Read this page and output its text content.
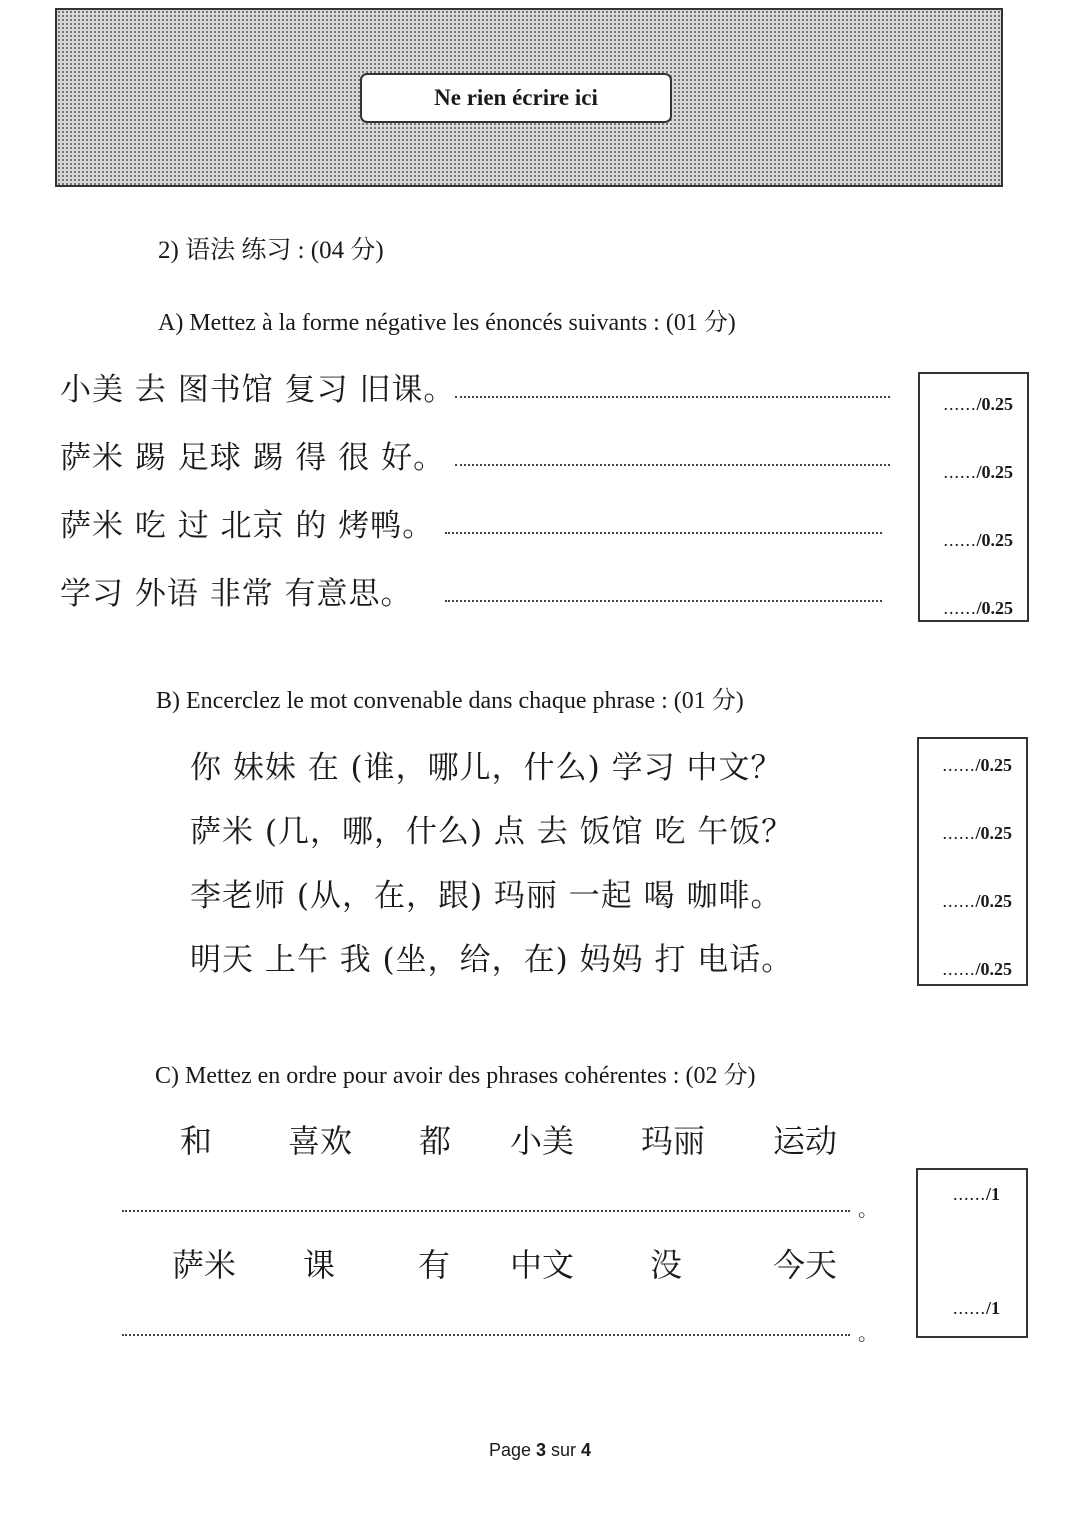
Ne rien écrire ici
2) 语法 练习 : (04 分)
A) Mettez à la forme négative les énoncés suivants : (01 分)
小美 去 图书馆 复习 旧课。
萨米 踢 足球 踢 得 很 好。
萨米 吃 过 北京 的 烤鸭。
学习 外语 非常 有意思。
....../0.25
....../0.25
....../0.25
....../0.25
B) Encerclez le mot convenable dans chaque phrase : (01 分)
你 妹妹 在 (谁，哪儿，什么) 学习 中文？
萨米 (几，哪，什么) 点 去 饭馆 吃 午饭？
李老师 (从，在，跟) 玛丽 一起 喝 咖啡。
明天 上午 我 (坐，给，在) 妈妈 打 电话。
....../0.25
....../0.25
....../0.25
....../0.25
C) Mettez en ordre pour avoir des phrases cohérentes : (02 分)
和 喜欢 都 小美 玛丽 运动
。
萨米 课	有 中文 没	今天
。
....../1
....../1
Page 3 sur 4
